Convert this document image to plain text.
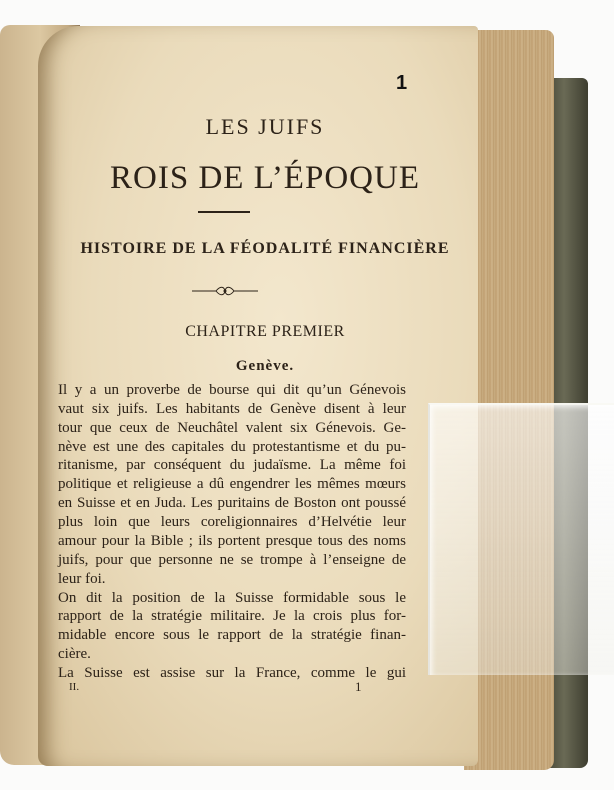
1
LES JUIFS
ROIS DE L’ÉPOQUE
HISTOIRE DE LA FÉODALITÉ FINANCIÈRE
CHAPITRE PREMIER
Genève.
Il y a un proverbe de bourse qui dit qu’un Génevois
vaut six juifs. Les habitants de Genève disent à leur
tour que ceux de Neuchâtel valent six Génevois. Ge-
nève est une des capitales du protestantisme et du pu-
ritanisme, par conséquent du judaïsme. La même foi
politique et religieuse a dû engendrer les mêmes mœurs
en Suisse et en Juda. Les puritains de Boston ont poussé
plus loin que leurs coreligionnaires d’Helvétie leur
amour pour la Bible ; ils portent presque tous des noms
juifs, pour que personne ne se trompe à l’enseigne de
leur foi.
On dit la position de la Suisse formidable sous le
rapport de la stratégie militaire. Je la crois plus for-
midable encore sous le rapport de la stratégie finan-
cière.
La Suisse est assise sur la France, comme le gui
II.	1
